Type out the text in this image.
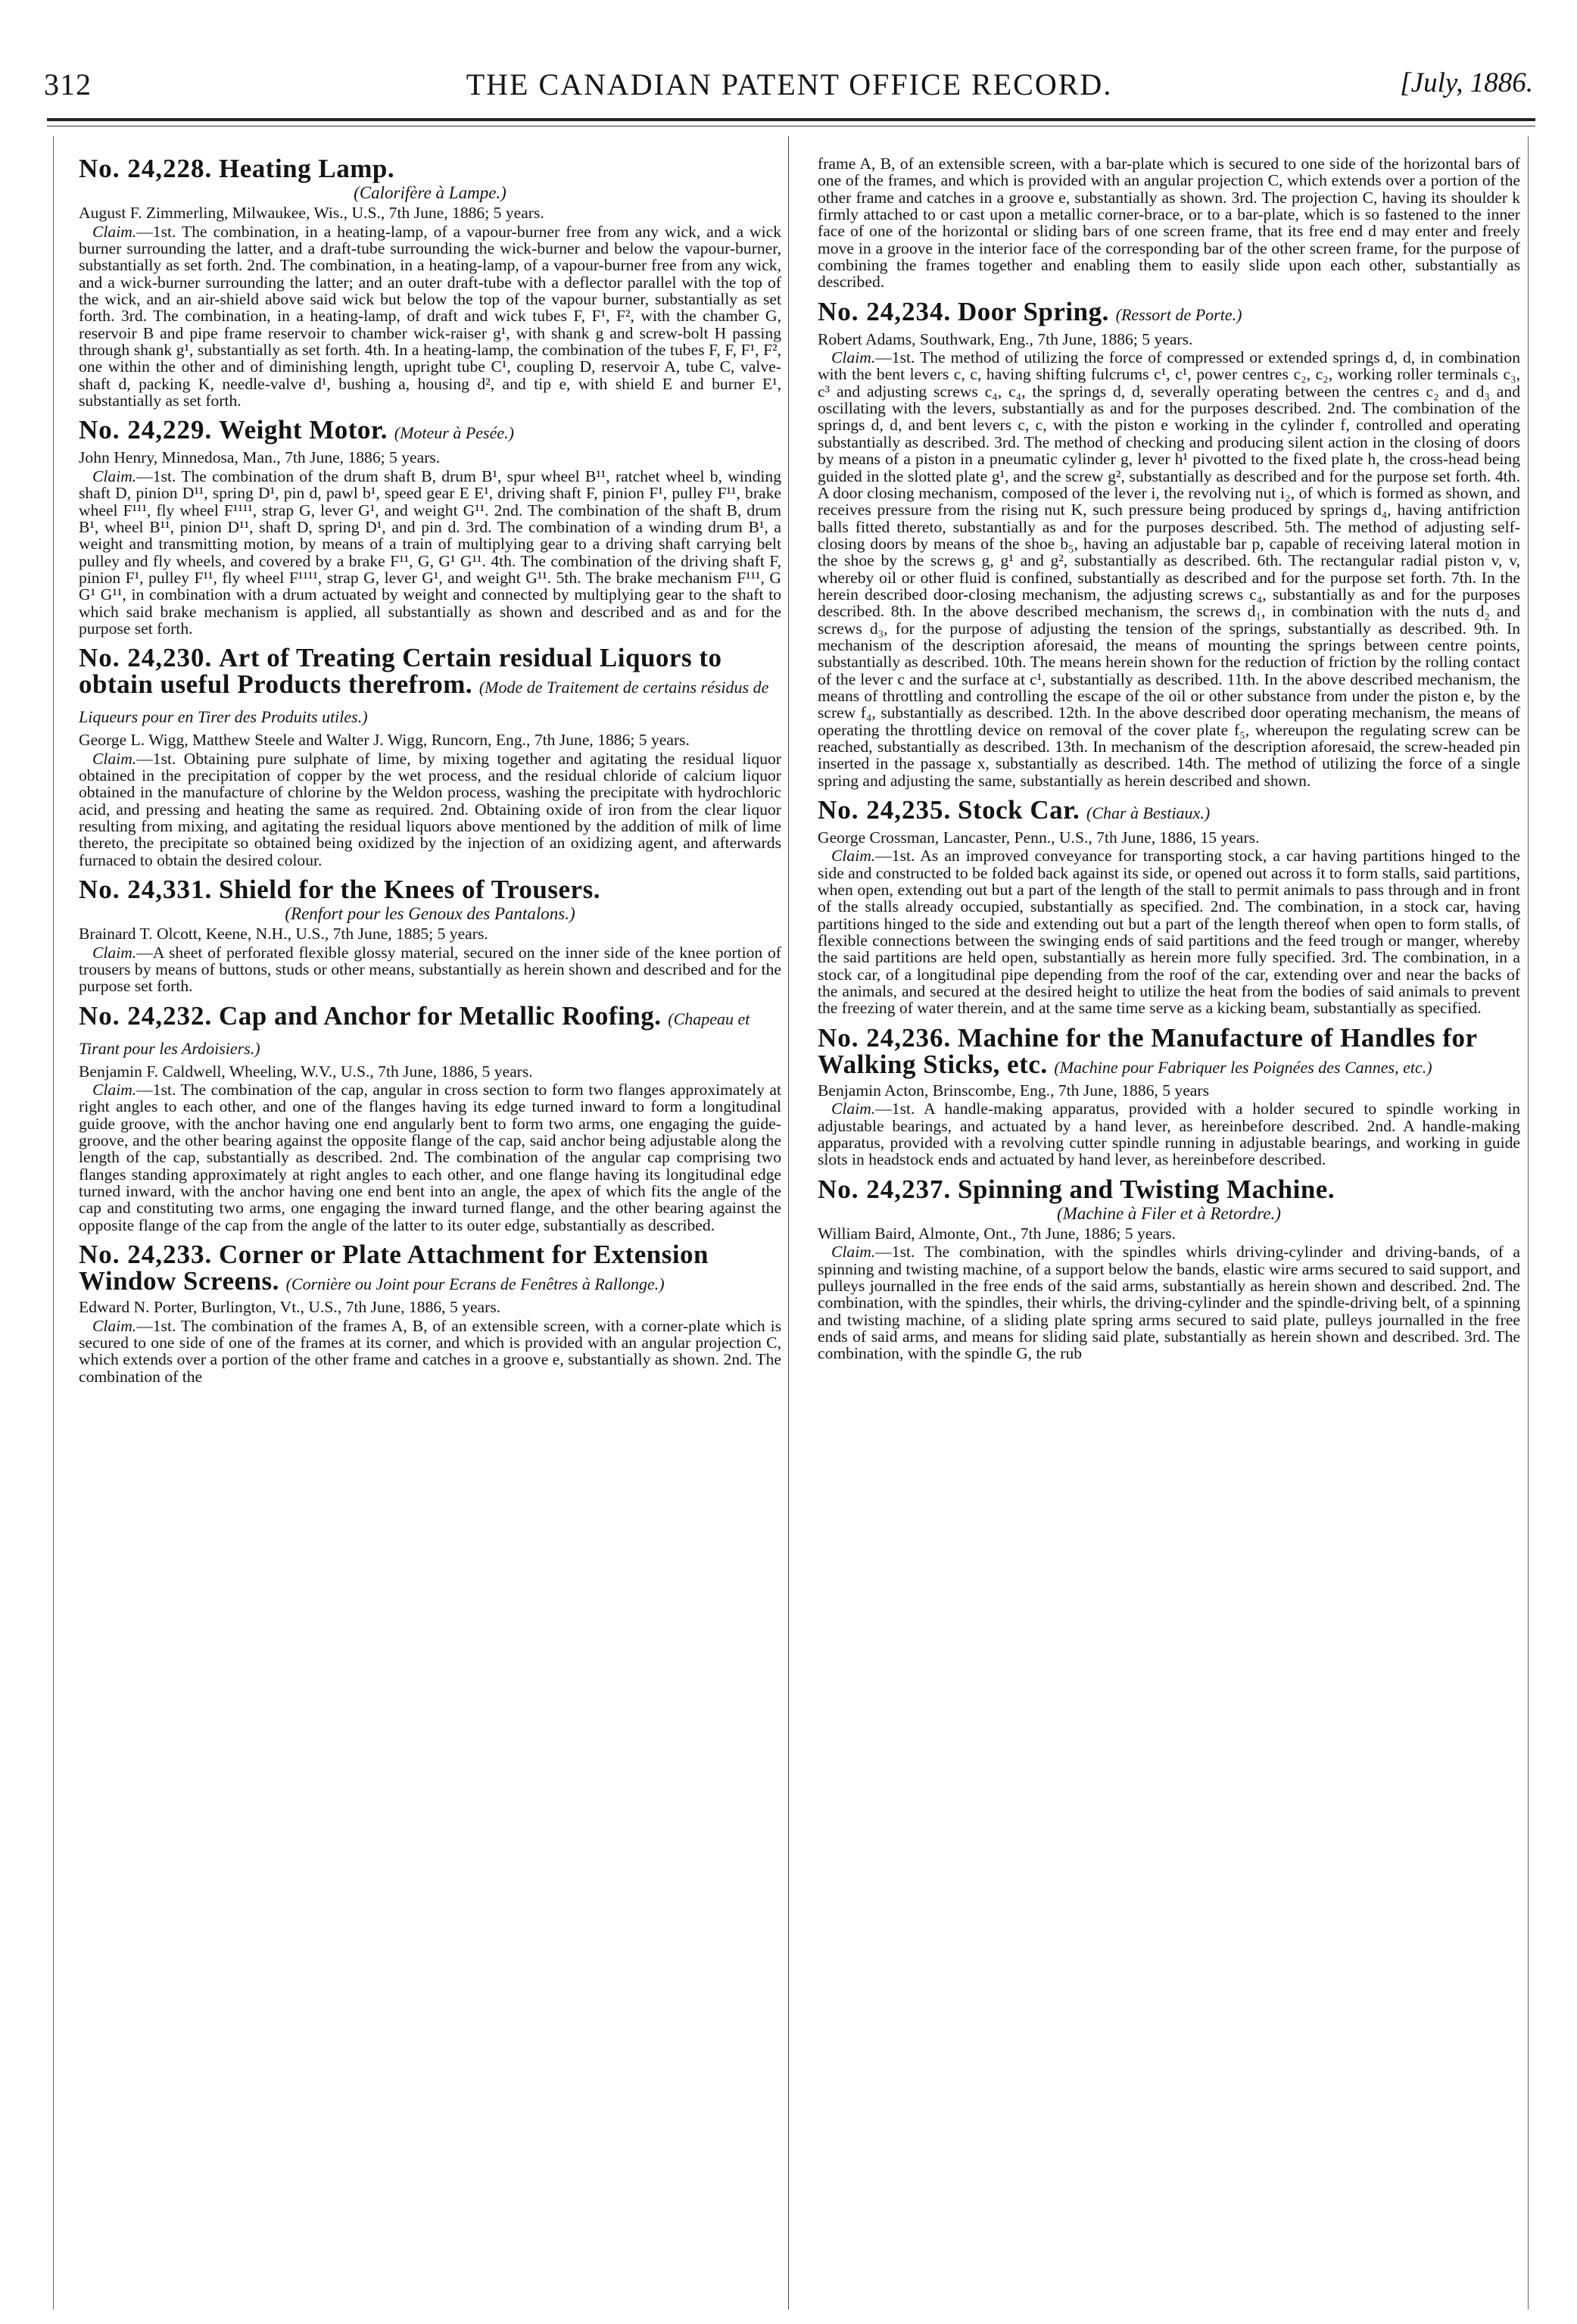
312	THE CANADIAN PATENT OFFICE RECORD.	[July, 1886.
No. 24,228. Heating Lamp.
(Calorifère à Lampe.)
August F. Zimmerling, Milwaukee, Wis., U.S., 7th June, 1886; 5 years.

Claim.—1st. The combination, in a heating-lamp, of a vapour-burner free from any wick, and a wick burner surrounding the latter, and a draft-tube surrounding the wick-burner and below the vapour-burner, substantially as set forth. 2nd. The combination, in a heating-lamp, of a vapour-burner free from any wick, and a wick-burner surrounding the latter; and an outer draft-tube with a deflector parallel with the top of the wick, and an air-shield above said wick but below the top of the vapour burner, substantially as set forth. 3rd. The combination, in a heating-lamp, of draft and wick tubes F, F¹, F², with the chamber G, reservoir B and pipe frame reservoir to chamber wick-raiser g¹, with shank g and screw-bolt H passing through shank g¹, substantially as set forth. 4th. In a heating-lamp, the combination of the tubes F, F, F¹, F², one within the other and of diminishing length, upright tube C¹, coupling D, reservoir A, tube C, valve-shaft d, packing K, needle-valve d¹, bushing a, housing d², and tip e, with shield E and burner E¹, substantially as set forth.

No. 24,229. Weight Motor. (Moteur à Pesée.)
John Henry, Minnedosa, Man., 7th June, 1886; 5 years.

Claim.—1st. The combination of the drum shaft B, drum B¹, spur wheel B¹¹, ratchet wheel b, winding shaft D, pinion D¹¹, spring D¹, pin d, pawl b¹, speed gear E E¹, driving shaft F, pinion F¹, pulley F¹¹, brake wheel F¹¹¹, fly wheel F¹¹¹¹, strap G, lever G¹, and weight G¹¹. 2nd. The combination of the shaft B, drum B¹, wheel B¹¹, pinion D¹¹, shaft D, spring D¹, and pin d. 3rd. The combination of a winding drum B¹, a weight and transmitting motion, by means of a train of multiplying gear to a driving shaft carrying belt pulley and fly wheels, and covered by a brake F¹¹, G, G¹ G¹¹. 4th. The combination of the driving shaft F, pinion F¹, pulley F¹¹, fly wheel F¹¹¹¹, strap G, lever G¹, and weight G¹¹. 5th. The brake mechanism F¹¹¹, G G¹ G¹¹, in combination with a drum actuated by weight and connected by multiplying gear to the shaft to which said brake mechanism is applied, all substantially as shown and described and as and for the purpose set forth.

No. 24,230. Art of Treating Certain residual Liquors to obtain useful Products therefrom. (Mode de Traitement de certains résidus de Liqueurs pour en Tirer des Produits utiles.)
George L. Wigg, Matthew Steele and Walter J. Wigg, Runcorn, Eng., 7th June, 1886; 5 years.

Claim.—1st. Obtaining pure sulphate of lime, by mixing together and agitating the residual liquor obtained in the precipitation of copper by the wet process, and the residual chloride of calcium liquor obtained in the manufacture of chlorine by the Weldon process, washing the precipitate with hydrochloric acid, and pressing and heating the same as required. 2nd. Obtaining oxide of iron from the clear liquor resulting from mixing, and agitating the residual liquors above mentioned by the addition of milk of lime thereto, the precipitate so obtained being oxidized by the injection of an oxidizing agent, and afterwards furnaced to obtain the desired colour.

No. 24,331. Shield for the Knees of Trousers.
(Renfort pour les Genoux des Pantalons.)
Brainard T. Olcott, Keene, N.H., U.S., 7th June, 1885; 5 years.

Claim.—A sheet of perforated flexible glossy material, secured on the inner side of the knee portion of trousers by means of buttons, studs or other means, substantially as herein shown and described and for the purpose set forth.

No. 24,232. Cap and Anchor for Metallic Roofing. (Chapeau et Tirant pour les Ardoisiers.)
Benjamin F. Caldwell, Wheeling, W.V., U.S., 7th June, 1886, 5 years.

Claim.—1st. The combination of the cap, angular in cross section to form two flanges approximately at right angles to each other, and one of the flanges having its edge turned inward to form a longitudinal guide groove, with the anchor having one end angularly bent to form two arms, one engaging the guide-groove, and the other bearing against the opposite flange of the cap, said anchor being adjustable along the length of the cap, substantially as described. 2nd. The combination of the angular cap comprising two flanges standing approximately at right angles to each other, and one flange having its longitudinal edge turned inward, with the anchor having one end bent into an angle, the apex of which fits the angle of the cap and constituting two arms, one engaging the inward turned flange, and the other bearing against the opposite flange of the cap from the angle of the latter to its outer edge, substantially as described.

No. 24,233. Corner or Plate Attachment for Extension Window Screens. (Cornière ou Joint pour Ecrans de Fenêtres à Rallonge.)
Edward N. Porter, Burlington, Vt., U.S., 7th June, 1886, 5 years.

Claim.—1st. The combination of the frames A, B, of an extensible screen, with a corner-plate which is secured to one side of one of the frames at its corner, and which is provided with an angular projection C, which extends over a portion of the other frame and catches in a groove e, substantially as shown. 2nd. The combination of the

frame A, B, of an extensible screen, with a bar-plate which is secured to one side of the horizontal bars of one of the frames, and which is provided with an angular projection C, which extends over a portion of the other frame and catches in a groove e, substantially as shown. 3rd. The projection C, having its shoulder k firmly attached to or cast upon a metallic corner-brace, or to a bar-plate, which is so fastened to the inner face of one of the horizontal or sliding bars of one screen frame, that its free end d may enter and freely move in a groove in the interior face of the corresponding bar of the other screen frame, for the purpose of combining the frames together and enabling them to easily slide upon each other, substantially as described.

No. 24,234. Door Spring. (Ressort de Porte.)
Robert Adams, Southwark, Eng., 7th June, 1886; 5 years.

Claim.—1st. The method of utilizing the force of compressed or extended springs d, d, in combination with the bent levers c, c, having shifting fulcrums c¹, c¹, power centres c₂, c₂, working roller terminals c₃, c³ and adjusting screws c₄, c₄, the springs d, d, severally operating between the centres c₂ and d₃ and oscillating with the levers, substantially as and for the purposes described. 2nd. The combination of the springs d, d, and bent levers c, c, with the piston e working in the cylinder f, controlled and operating substantially as described. 3rd. The method of checking and producing silent action in the closing of doors by means of a piston in a pneumatic cylinder g, lever h¹ pivotted to the fixed plate h, the cross-head being guided in the slotted plate g¹, and the screw g², substantially as described and for the purpose set forth. 4th. A door closing mechanism, composed of the lever i, the revolving nut i₂, of which is formed as shown, and receives pressure from the rising nut K, such pressure being produced by springs d₄, having antifriction balls fitted thereto, substantially as and for the purposes described. 5th. The method of adjusting self-closing doors by means of the shoe b₅, having an adjustable bar p, capable of receiving lateral motion in the shoe by the screws g, g¹ and g², substantially as described. 6th. The rectangular radial piston v, v, whereby oil or other fluid is confined, substantially as described and for the purpose set forth. 7th. In the herein described door-closing mechanism, the adjusting screws c₄, substantially as and for the purposes described. 8th. In the above described mechanism, the screws d₁, in combination with the nuts d₂ and screws d₃, for the purpose of adjusting the tension of the springs, substantially as described. 9th. In mechanism of the description aforesaid, the means of mounting the springs between centre points, substantially as described. 10th. The means herein shown for the reduction of friction by the rolling contact of the lever c and the surface at c¹, substantially as described. 11th. In the above described mechanism, the means of throttling and controlling the escape of the oil or other substance from under the piston e, by the screw f₄, substantially as described. 12th. In the above described door operating mechanism, the means of operating the throttling device on removal of the cover plate f₅, whereupon the regulating screw can be reached, substantially as described. 13th. In mechanism of the description aforesaid, the screw-headed pin inserted in the passage x, substantially as described. 14th. The method of utilizing the force of a single spring and adjusting the same, substantially as herein described and shown.

No. 24,235. Stock Car. (Char à Bestiaux.)
George Crossman, Lancaster, Penn., U.S., 7th June, 1886, 15 years.

Claim.—1st. As an improved conveyance for transporting stock, a car having partitions hinged to the side and constructed to be folded back against its side, or opened out across it to form stalls, said partitions, when open, extending out but a part of the length of the stall to permit animals to pass through and in front of the stalls already occupied, substantially as specified. 2nd. The combination, in a stock car, having partitions hinged to the side and extending out but a part of the length thereof when open to form stalls, of flexible connections between the swinging ends of said partitions and the feed trough or manger, whereby the said partitions are held open, substantially as herein more fully specified. 3rd. The combination, in a stock car, of a longitudinal pipe depending from the roof of the car, extending over and near the backs of the animals, and secured at the desired height to utilize the heat from the bodies of said animals to prevent the freezing of water therein, and at the same time serve as a kicking beam, substantially as specified.

No. 24,236. Machine for the Manufacture of Handles for Walking Sticks, etc. (Machine pour Fabriquer les Poignées des Cannes, etc.)
Benjamin Acton, Brinscombe, Eng., 7th June, 1886, 5 years

Claim.—1st. A handle-making apparatus, provided with a holder secured to spindle working in adjustable bearings, and actuated by a hand lever, as hereinbefore described. 2nd. A handle-making apparatus, provided with a revolving cutter spindle running in adjustable bearings, and working in guide slots in headstock ends and actuated by hand lever, as hereinbefore described.

No. 24,237. Spinning and Twisting Machine.
(Machine à Filer et à Retordre.)
William Baird, Almonte, Ont., 7th June, 1886; 5 years.

Claim.—1st. The combination, with the spindles whirls driving-cylinder and driving-bands, of a spinning and twisting machine, of a support below the bands, elastic wire arms secured to said support, and pulleys journalled in the free ends of the said arms, substantially as herein shown and described. 2nd. The combination, with the spindles, their whirls, the driving-cylinder and the spindle-driving belt, of a spinning and twisting machine, of a sliding plate spring arms secured to said plate, pulleys journalled in the free ends of said arms, and means for sliding said plate, substantially as herein shown and described. 3rd. The combination, with the spindle G, the rub
